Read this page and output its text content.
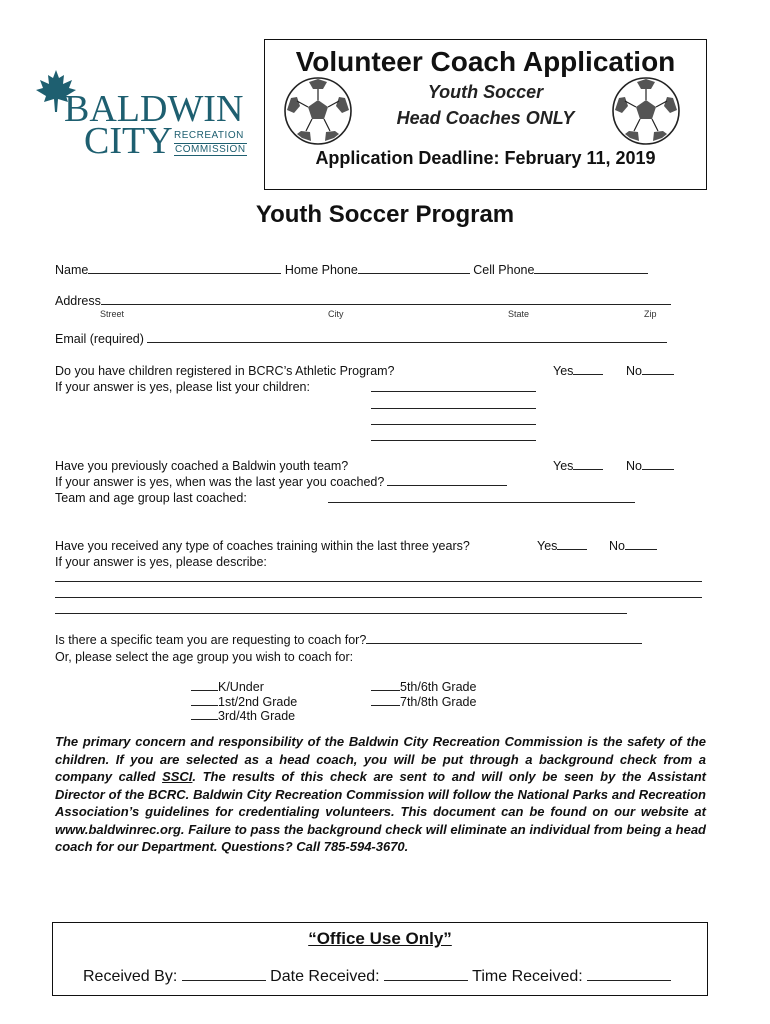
BALDWIN
CITY RECREATION
COMMISSION
Volunteer Coach Application
Youth Soccer
Head Coaches ONLY
Application Deadline: February 11, 2019
Youth Soccer Program
Name	Home Phone	Cell Phone
Address
Street	City	State	Zip
Email (required)
Do you have children registered in BCRC’s Athletic Program?	Yes	No
If your answer is yes, please list your children:
Have you previously coached a Baldwin youth team?	Yes	No
If your answer is yes, when was the last year you coached?
Team and age group last coached:
Have you received any type of coaches training within the last three years?	Yes	No
If your answer is yes, please describe:
Is there a specific team you are requesting to coach for?
Or, please select the age group you wish to coach for:
K/Under
1st/2nd Grade
3rd/4th Grade
5th/6th Grade
7th/8th Grade
The primary concern and responsibility of the Baldwin City Recreation Commission is the safety of the children. If you are selected as a head coach, you will be put through a background check from a company called SSCI. The results of this check are sent to and will only be seen by the Assistant Director of the BCRC. Baldwin City Recreation Commission will follow the National Parks and Recreation Association’s guidelines for credentialing volunteers. This document can be found on our website at www.baldwinrec.org. Failure to pass the background check will eliminate an individual from being a head coach for our Department. Questions? Call 785-594-3670.
“Office Use Only”
Received By:	Date Received:	Time Received:
